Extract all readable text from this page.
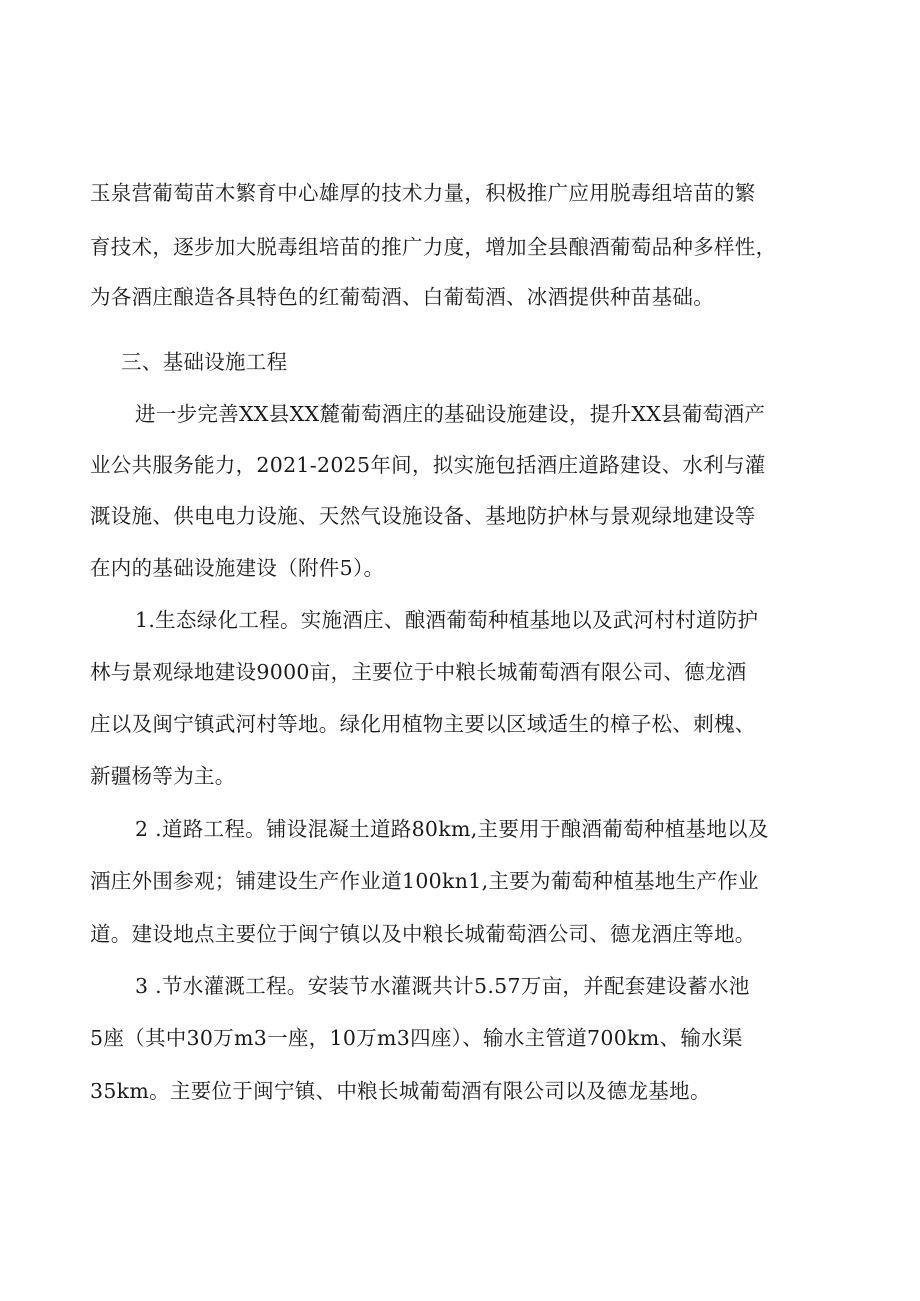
玉泉营葡萄苗木繁育中心雄厚的技术力量，积极推广应用脱毒组培苗的繁
育技术，逐步加大脱毒组培苗的推广力度，增加全县酿酒葡萄品种多样性，
为各酒庄酿造各具特色的红葡萄酒、白葡萄酒、冰酒提供种苗基础。
三、基础设施工程
进一步完善XX县XX麓葡萄酒庄的基础设施建设，提升XX县葡萄酒产
业公共服务能力，2021-2025年间，拟实施包括酒庄道路建设、水利与灌
溉设施、供电电力设施、天然气设施设备、基地防护林与景观绿地建设等
在内的基础设施建设（附件5）。
1.生态绿化工程。实施酒庄、酿酒葡萄种植基地以及武河村村道防护
林与景观绿地建设9000亩，主要位于中粮长城葡萄酒有限公司、德龙酒
庄以及闽宁镇武河村等地。绿化用植物主要以区域适生的樟子松、刺槐、
新疆杨等为主。
2 .道路工程。铺设混凝土道路80km,主要用于酿酒葡萄种植基地以及
酒庄外围参观；铺建设生产作业道100kn1,主要为葡萄种植基地生产作业
道。建设地点主要位于闽宁镇以及中粮长城葡萄酒公司、德龙酒庄等地。
3 .节水灌溉工程。安装节水灌溉共计5.57万亩，并配套建设蓄水池
5座（其中30万m3一座，10万m3四座）、输水主管道700km、输水渠
35km。主要位于闽宁镇、中粮长城葡萄酒有限公司以及德龙基地。
